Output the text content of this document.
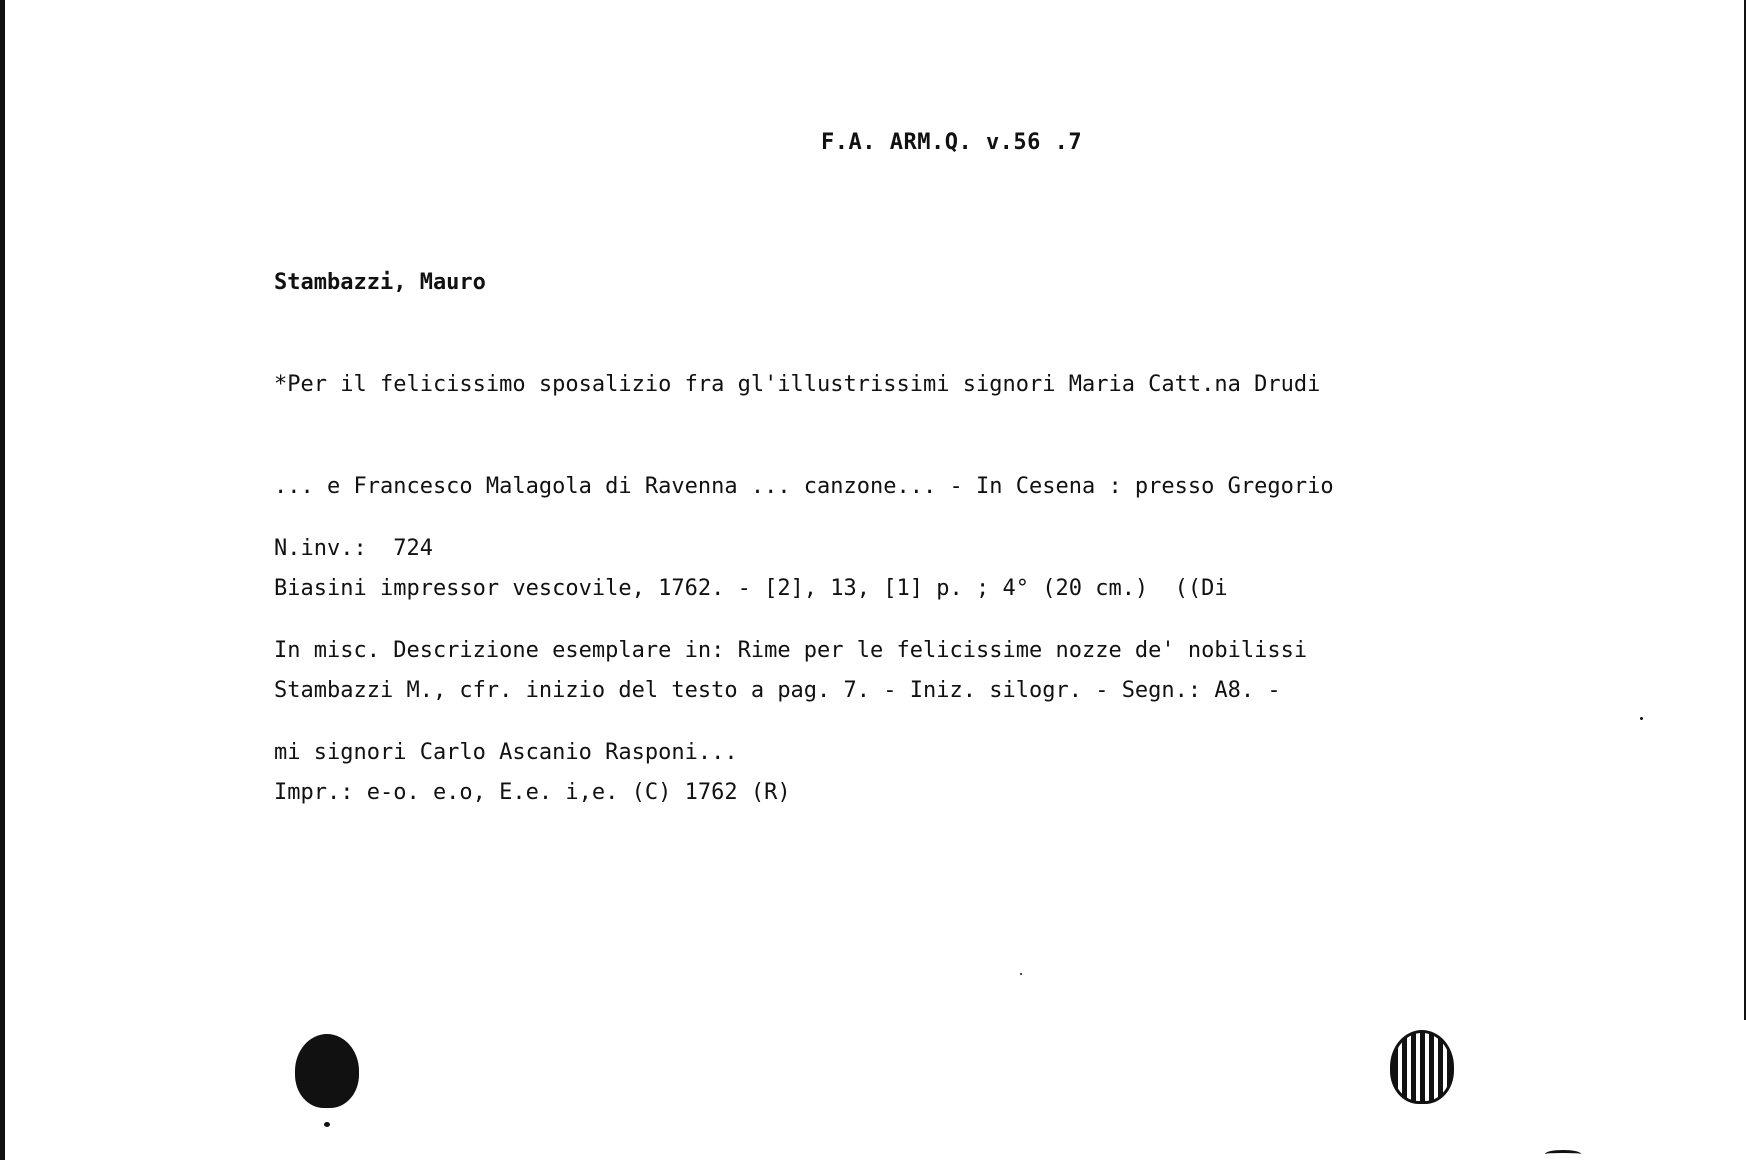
F.A. ARM.Q. v.56 .7

Stambazzi, Mauro

*Per il felicissimo sposalizio fra gl'illustrissimi signori Maria Catt.na Drudi

... e Francesco Malagola di Ravenna ... canzone... - In Cesena : presso Gregorio

Biasini impressor vescovile, 1762. - [2], 13, [1] p. ; 4° (20 cm.)  ((Di

Stambazzi M., cfr. inizio del testo a pag. 7. - Iniz. silogr. - Segn.: A8. -

Impr.: e-o. e.o, E.e. i,e. (C) 1762 (R)

N.inv.:  724

In misc. Descrizione esemplare in: Rime per le felicissime nozze de' nobilissi

mi signori Carlo Ascanio Rasponi...
